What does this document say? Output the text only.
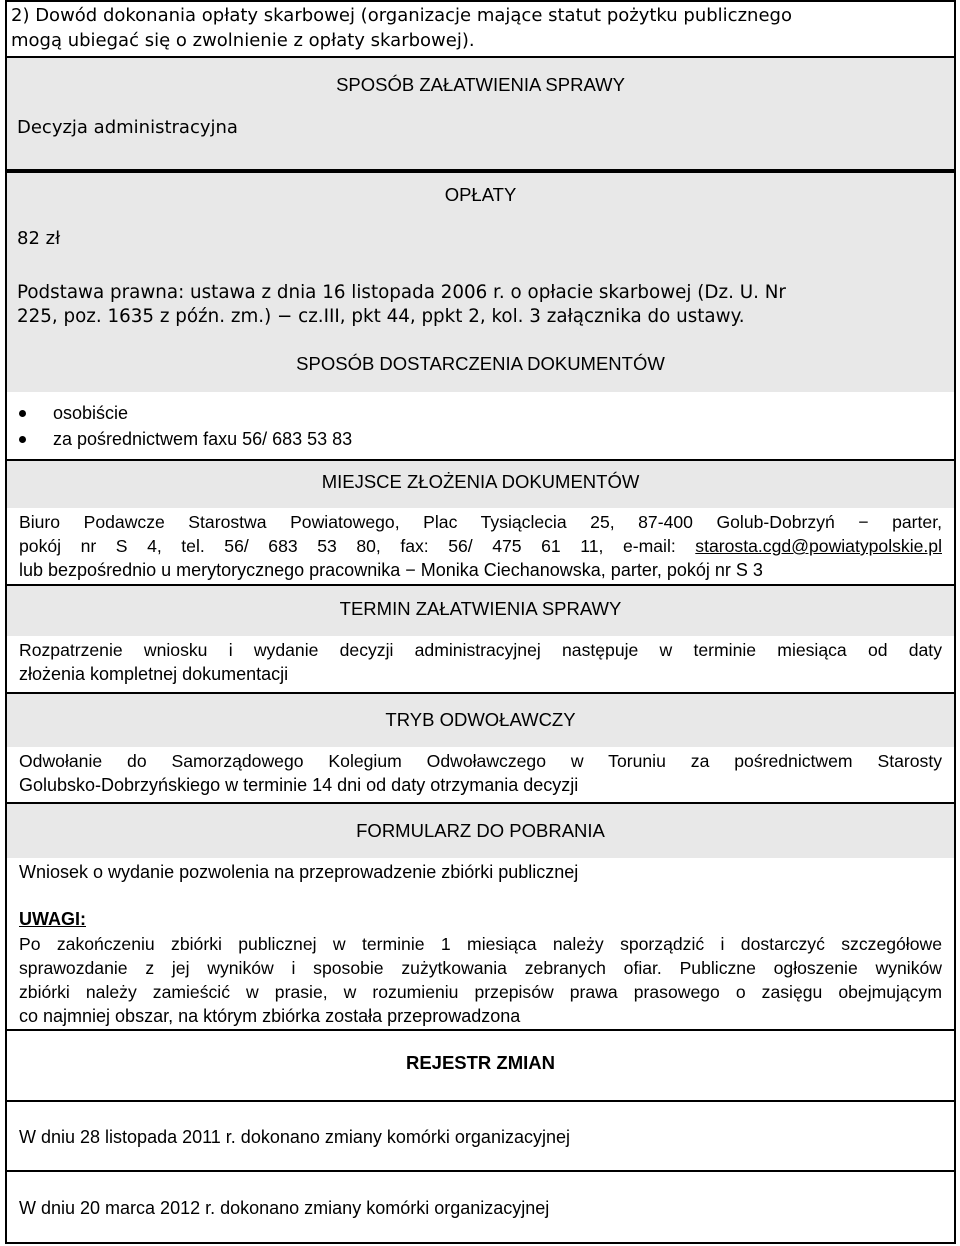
2) Dowód dokonania opłaty skarbowej (organizacje mające statut pożytku publicznego
mogą ubiegać się o zwolnienie z opłaty skarbowej).
SPOSÓB ZAŁATWIENIA SPRAWY
Decyzja administracyjna
OPŁATY
82 zł
Podstawa prawna: ustawa z dnia 16 listopada 2006 r. o opłacie skarbowej (Dz. U. Nr
225, poz. 1635 z późn. zm.) − cz.III, pkt 44, ppkt 2, kol. 3 załącznika do ustawy.
SPOSÓB DOSTARCZENIA DOKUMENTÓW
osobiście
za pośrednictwem faxu 56/ 683 53 83
MIEJSCE ZŁOŻENIA DOKUMENTÓW
Biuro Podawcze Starostwa Powiatowego, Plac Tysiąclecia 25, 87-400 Golub-Dobrzyń − parter,
pokój nr S 4, tel. 56/ 683 53 80, fax: 56/ 475 61 11, e-mail: starosta.cgd@powiatypolskie.pl
lub bezpośrednio u merytorycznego pracownika − Monika Ciechanowska, parter, pokój nr S 3
TERMIN ZAŁATWIENIA SPRAWY
Rozpatrzenie wniosku i wydanie decyzji administracyjnej następuje w terminie miesiąca od daty
złożenia kompletnej dokumentacji
TRYB ODWOŁAWCZY
Odwołanie do Samorządowego Kolegium Odwoławczego w Toruniu za pośrednictwem Starosty
Golubsko-Dobrzyńskiego w terminie 14 dni od daty otrzymania decyzji
FORMULARZ DO POBRANIA
Wniosek o wydanie pozwolenia na przeprowadzenie zbiórki publicznej
UWAGI:
Po zakończeniu zbiórki publicznej w terminie 1 miesiąca należy sporządzić i dostarczyć szczegółowe
sprawozdanie z jej wyników i sposobie zużytkowania zebranych ofiar. Publiczne ogłoszenie wyników
zbiórki należy zamieścić w prasie, w rozumieniu przepisów prawa prasowego o zasięgu obejmującym
co najmniej obszar, na którym zbiórka została przeprowadzona
REJESTR ZMIAN
W dniu 28 listopada 2011 r. dokonano zmiany komórki organizacyjnej
W dniu 20 marca 2012 r. dokonano zmiany komórki organizacyjnej
